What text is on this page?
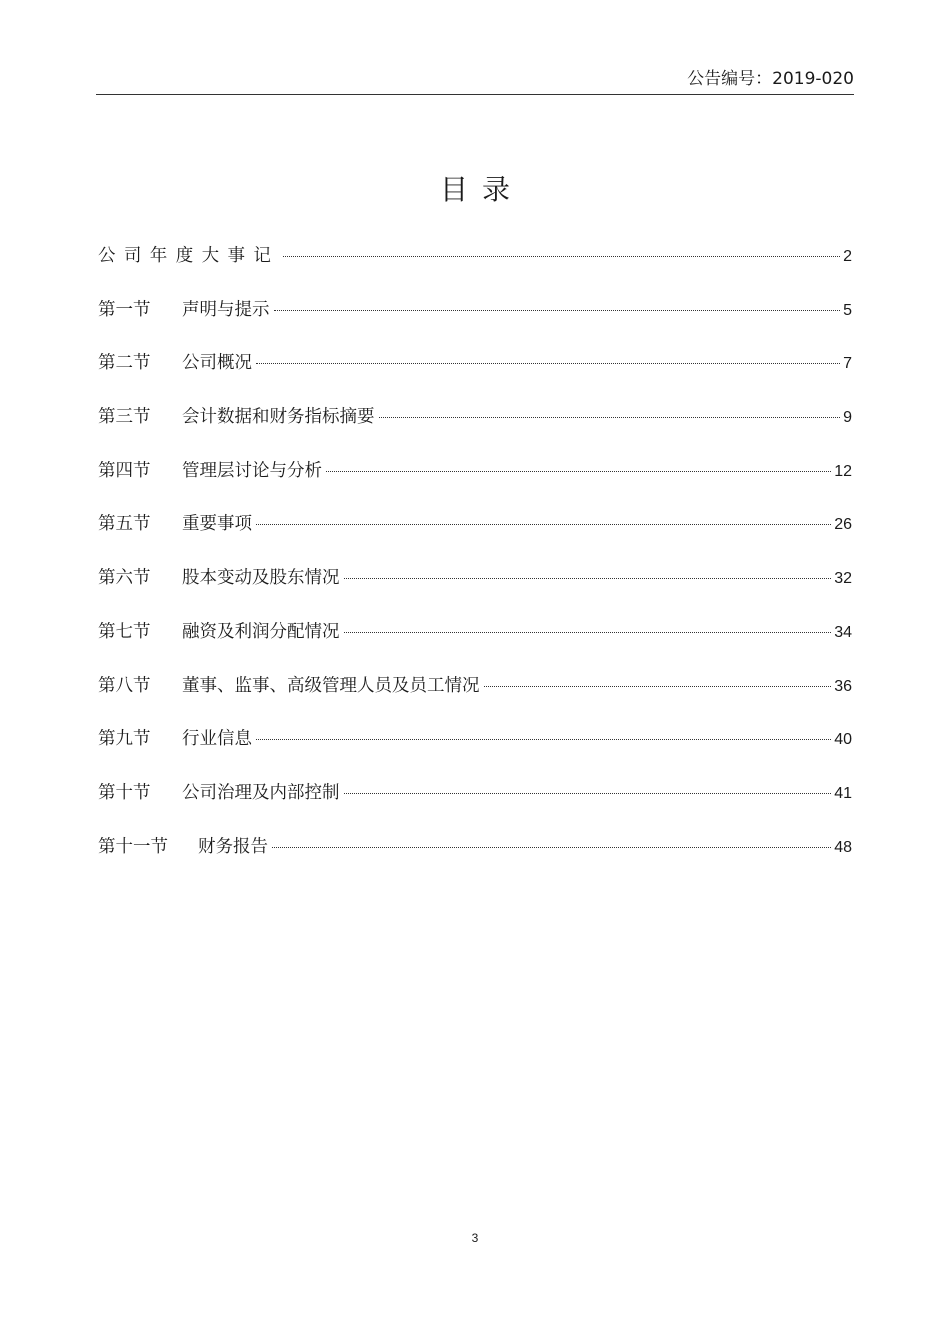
公告编号：2019-020
目录
公司年度大事记	2
第一节	声明与提示	5
第二节	公司概况	7
第三节	会计数据和财务指标摘要	9
第四节	管理层讨论与分析	12
第五节	重要事项	26
第六节	股本变动及股东情况	32
第七节	融资及利润分配情况	34
第八节	董事、监事、高级管理人员及员工情况	36
第九节	行业信息	40
第十节	公司治理及内部控制	41
第十一节	财务报告	48
3
